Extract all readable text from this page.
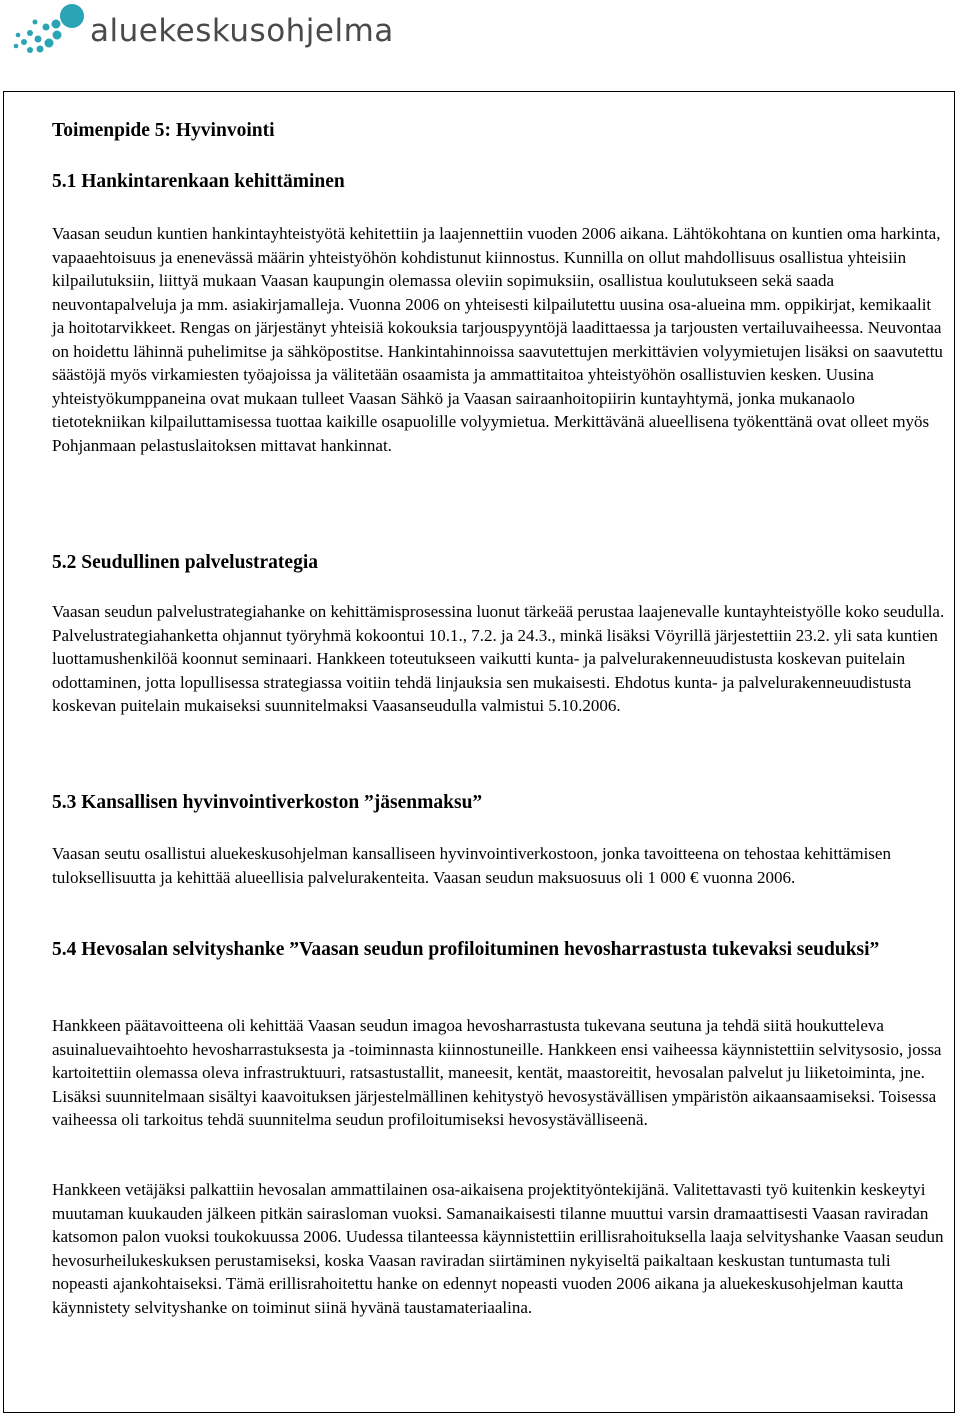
aluekeskusohjelma
Toimenpide 5: Hyvinvointi
5.1 Hankintarenkaan kehittäminen

Vaasan seudun kuntien hankintayhteistyötä kehitettiin ja laajennettiin vuoden 2006 aikana. Lähtökohtana on kuntien oma harkinta, vapaaehtoisuus ja enenevässä määrin yhteistyöhön kohdistunut kiinnostus. Kunnilla on ollut mahdollisuus osallistua yhteisiin kilpailutuksiin, liittyä mukaan Vaasan kaupungin olemassa oleviin sopimuksiin, osallistua koulutukseen sekä saada neuvontapalveluja ja mm. asiakirjamalleja. Vuonna 2006 on yhteisesti kilpailutettu uusina osa-alueina mm. oppikirjat, kemikaalit ja hoitotarvikkeet. Rengas on järjestänyt yhteisiä kokouksia tarjouspyyntöjä laadittaessa ja tarjousten vertailuvaiheessa. Neuvontaa on hoidettu lähinnä puhelimitse ja sähköpostitse. Hankintahinnoissa saavutettujen merkittävien volyymietujen lisäksi on saavutettu säästöjä myös virkamiesten työajoissa ja välitetään osaamista ja ammattitaitoa yhteistyöhön osallistuvien kesken. Uusina yhteistyökumppaneina ovat mukaan tulleet Vaasan Sähkö ja Vaasan sairaanhoitopiirin kuntayhtymä, jonka mukanaolo tietotekniikan kilpailuttamisessa tuottaa kaikille osapuolille volyymietua. Merkittävänä alueellisena työkenttänä ovat olleet myös Pohjanmaan pelastuslaitoksen mittavat hankinnat.

5.2 Seudullinen palvelustrategia

Vaasan seudun palvelustrategiahanke on kehittämisprosessina luonut tärkeää perustaa laajenevalle kuntayhteistyölle koko seudulla. Palvelustrategiahanketta ohjannut työryhmä kokoontui 10.1., 7.2. ja 24.3., minkä lisäksi Vöyrillä järjestettiin 23.2. yli sata kuntien luottamushenkilöä koonnut seminaari. Hankkeen toteutukseen vaikutti kunta- ja palvelurakenneuudistusta koskevan puitelain odottaminen, jotta lopullisessa strategiassa voitiin tehdä linjauksia sen mukaisesti. Ehdotus kunta- ja palvelurakenneuudistusta koskevan puitelain mukaiseksi suunnitelmaksi Vaasanseudulla valmistui 5.10.2006.

5.3 Kansallisen hyvinvointiverkoston ”jäsenmaksu”

Vaasan seutu osallistui aluekeskusohjelman kansalliseen hyvinvointiverkostoon, jonka tavoitteena on tehostaa kehittämisen tuloksellisuutta ja kehittää alueellisia palvelurakenteita. Vaasan seudun maksuosuus oli 1 000 € vuonna 2006.

5.4 Hevosalan selvityshanke ”Vaasan seudun profiloituminen hevosharrastusta tukevaksi seuduksi”

Hankkeen päätavoitteena oli kehittää Vaasan seudun imagoa hevosharrastusta tukevana seutuna ja tehdä siitä houkutteleva asuinaluevaihtoehto hevosharrastuksesta ja -toiminnasta kiinnostuneille. Hankkeen ensi vaiheessa käynnistettiin selvitysosio, jossa kartoitettiin olemassa oleva infrastruktuuri, ratsastustallit, maneesit, kentät, maastoreitit, hevosalan palvelut ju liiketoiminta, jne. Lisäksi suunnitelmaan sisältyi kaavoituksen järjestelmällinen kehitystyö hevosystävällisen ympäristön aikaansaamiseksi. Toisessa vaiheessa oli tarkoitus tehdä suunnitelma seudun profiloitumiseksi hevosystävälliseenä.

Hankkeen vetäjäksi palkattiin hevosalan ammattilainen osa-aikaisena projektityöntekijänä. Valitettavasti työ kuitenkin keskeytyi muutaman kuukauden jälkeen pitkän sairasloman vuoksi. Samanaikaisesti tilanne muuttui varsin dramaattisesti Vaasan raviradan katsomon palon vuoksi toukokuussa 2006. Uudessa tilanteessa käynnistettiin erillisrahoituksella laaja selvityshanke Vaasan seudun hevosurheilukeskuksen perustamiseksi, koska Vaasan raviradan siirtäminen nykyiseltä paikaltaan keskustan tuntumasta tuli nopeasti ajankohtaiseksi. Tämä erillisrahoitettu hanke on edennyt nopeasti vuoden 2006 aikana ja aluekeskusohjelman kautta käynnistety selvityshanke on toiminut siinä hyvänä taustamateriaalina.
